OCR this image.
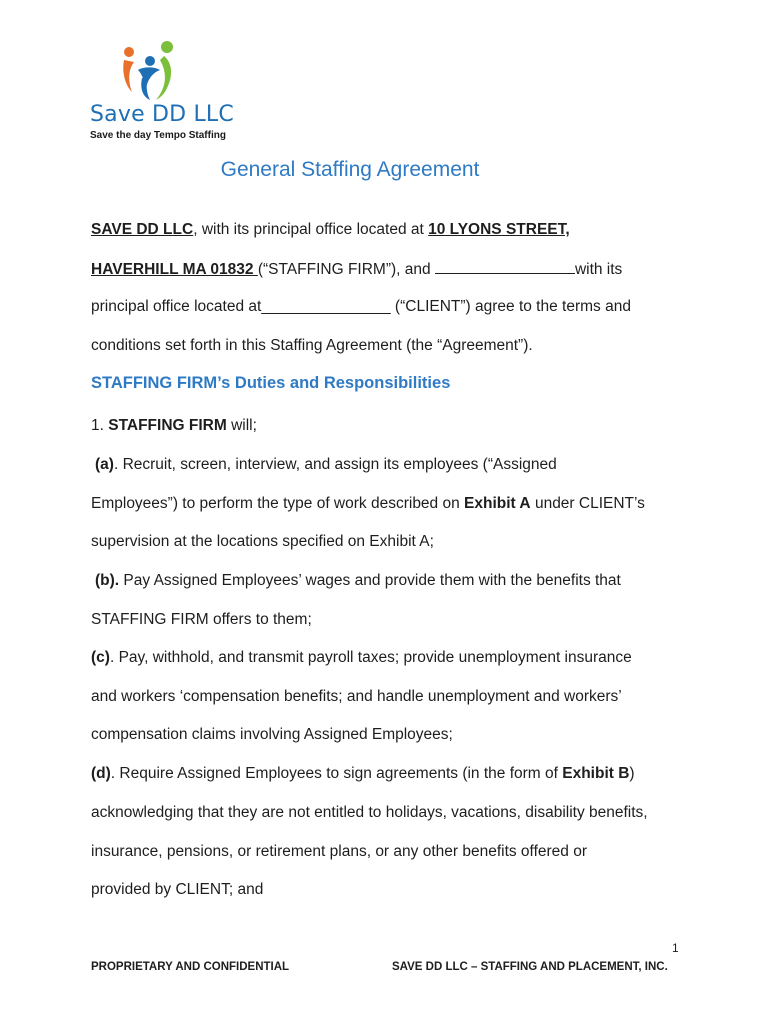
Save DD LLC
Save the day Tempo Staffing
General Staffing Agreement
SAVE DD LLC, with its principal office located at 10 LYONS STREET,
HAVERHILL MA 01832 (“STAFFING FIRM”), and	with its
principal office located at_______________ (“CLIENT”) agree to the terms and
conditions set forth in this Staffing Agreement (the “Agreement”).
STAFFING FIRM’s Duties and Responsibilities
1. STAFFING FIRM will;
(a). Recruit, screen, interview, and assign its employees (“Assigned
Employees”) to perform the type of work described on Exhibit A under CLIENT’s
supervision at the locations specified on Exhibit A;
(b). Pay Assigned Employees’ wages and provide them with the benefits that
STAFFING FIRM offers to them;
(c). Pay, withhold, and transmit payroll taxes; provide unemployment insurance
and workers ‘compensation benefits; and handle unemployment and workers’
compensation claims involving Assigned Employees;
(d). Require Assigned Employees to sign agreements (in the form of Exhibit B)
acknowledging that they are not entitled to holidays, vacations, disability benefits,
insurance, pensions, or retirement plans, or any other benefits offered or
provided by CLIENT; and
1
PROPRIETARY AND CONFIDENTIAL	SAVE DD LLC – STAFFING AND PLACEMENT, INC.
